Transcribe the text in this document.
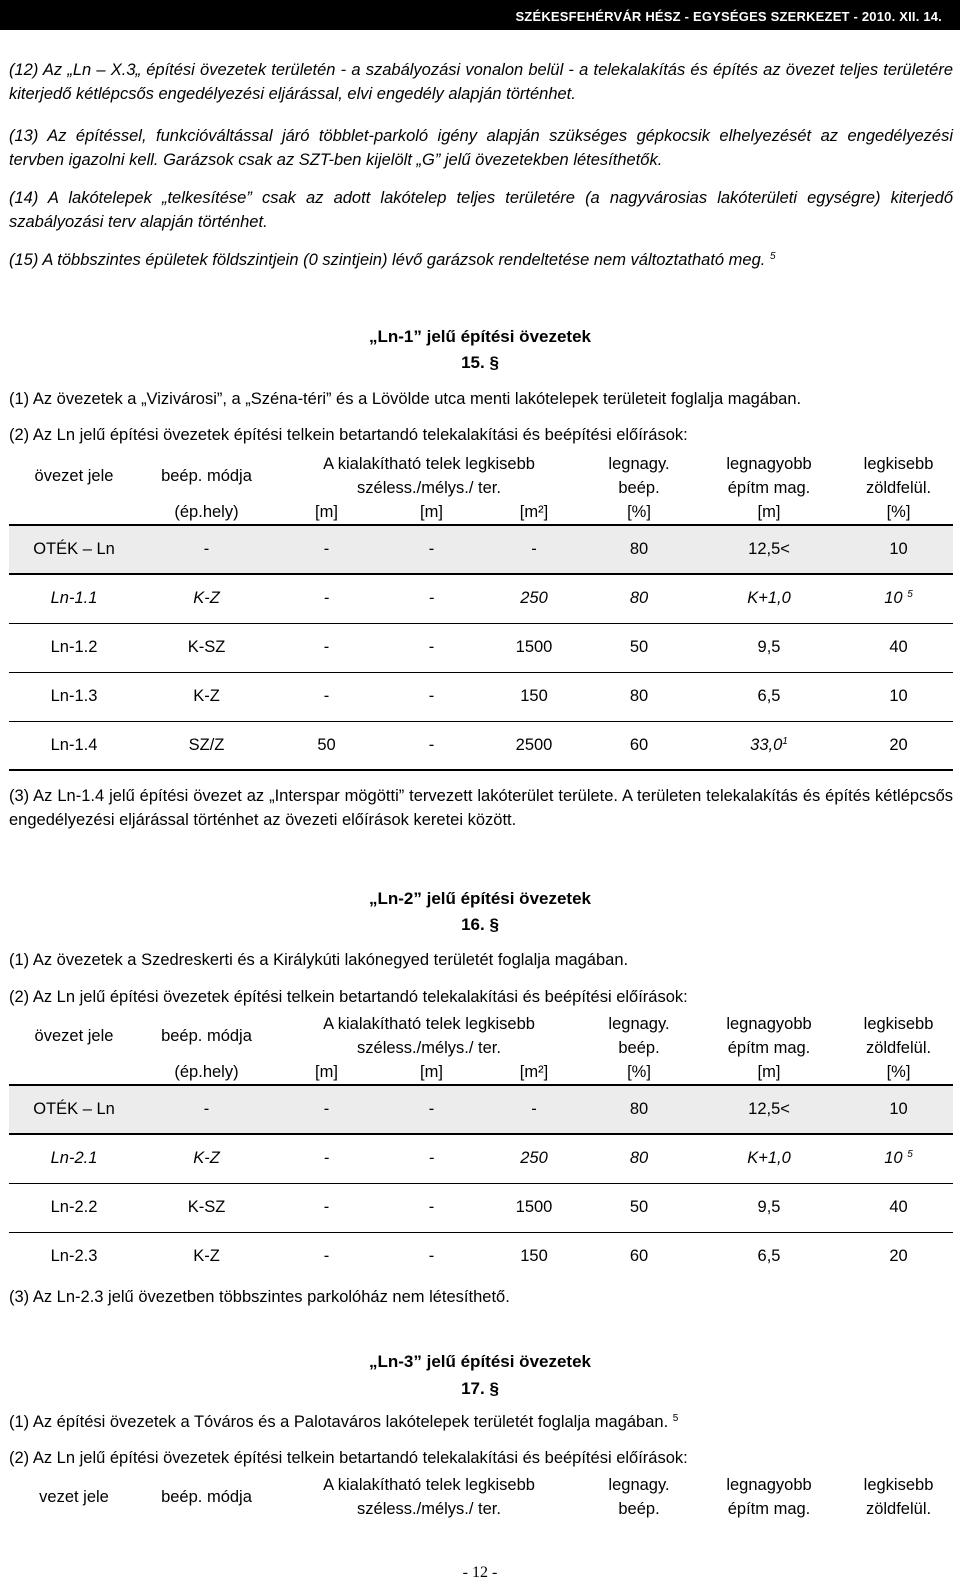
SZÉKESFEHÉRVÁR HÉSZ - EGYSÉGES SZERKEZET - 2010. XII. 14.

(12) Az „Ln – X.3„ építési övezetek területén - a szabályozási vonalon belül - a telekalakítás és építés az övezet teljes területére kiterjedő kétlépcsős engedélyezési eljárással, elvi engedély alapján történhet.

(13) Az építéssel, funkcióváltással járó többlet-parkoló igény alapján szükséges gépkocsik elhelyezését az engedélyezési tervben igazolni kell. Garázsok csak az SZT-ben kijelölt „G” jelű övezetekben létesíthetők.

(14) A lakótelepek „telkesítése” csak az adott lakótelep teljes területére (a nagyvárosias lakóterületi egységre) kiterjedő szabályozási terv alapján történhet.

(15) A többszintes épületek földszintjein (0 szintjein) lévő garázsok rendeltetése nem változtatható meg. $^5$

„Ln-1” jelű építési övezetek

15. §

(1) Az övezetek a „Vizivárosi”, a „Széna-téri” és a Lövölde utca menti lakótelepek területeit foglalja magában.

(2) Az Ln jelű építési övezetek építési telkein betartandó telekalakítási és beépítési előírások:

övezet jele	beép. módja	A kialakítható telek legkisebb			legnagy.	legnagyobb	legkisebb
		széless./mélys./ ter.			beép.	építm mag.	zöldfelül.
	(ép.hely)	[m]	[m]	[m²]	[%]	[m]	[%]
OTÉK – Ln	-	-	-	-	80	12,5<	10
Ln-1.1	K-Z	-	-	250	80	K+1,0	10 $^5$
Ln-1.2	K-SZ	-	-	1500	50	9,5	40
Ln-1.3	K-Z	-	-	150	80	6,5	10
Ln-1.4	SZ/Z	50	-	2500	60	33,0$^1$	20

(3) Az Ln-1.4 jelű építési övezet az „Interspar mögötti” tervezett lakóterület területe. A területen telekalakítás és építés kétlépcsős engedélyezési eljárással történhet az övezeti előírások keretei között.

„Ln-2” jelű építési övezetek

16. §

(1) Az övezetek a Szedreskerti és a Királykúti lakónegyed területét foglalja magában.

(2) Az Ln jelű építési övezetek építési telkein betartandó telekalakítási és beépítési előírások:

övezet jele	beép. módja	A kialakítható telek legkisebb			legnagy.	legnagyobb	legkisebb
		széless./mélys./ ter.			beép.	építm mag.	zöldfelül.
	(ép.hely)	[m]	[m]	[m²]	[%]	[m]	[%]
OTÉK – Ln	-	-	-	-	80	12,5<	10
Ln-2.1	K-Z	-	-	250	80	K+1,0	10 $^5$
Ln-2.2	K-SZ	-	-	1500	50	9,5	40
Ln-2.3	K-Z	-	-	150	60	6,5	20

(3) Az Ln-2.3 jelű övezetben többszintes parkolóház nem létesíthető.

„Ln-3” jelű építési övezetek

17. §

(1) Az építési övezetek a Tóváros és a Palotaváros lakótelepek területét foglalja magában. $^5$

(2) Az Ln jelű építési övezetek építési telkein betartandó telekalakítási és beépítési előírások:

vezet jele	beép. módja	A kialakítható telek legkisebb	legnagy.	legnagyobb	legkisebb
		széless./mélys./ ter.	beép.	építm mag.	zöldfelül.
- 12 -
